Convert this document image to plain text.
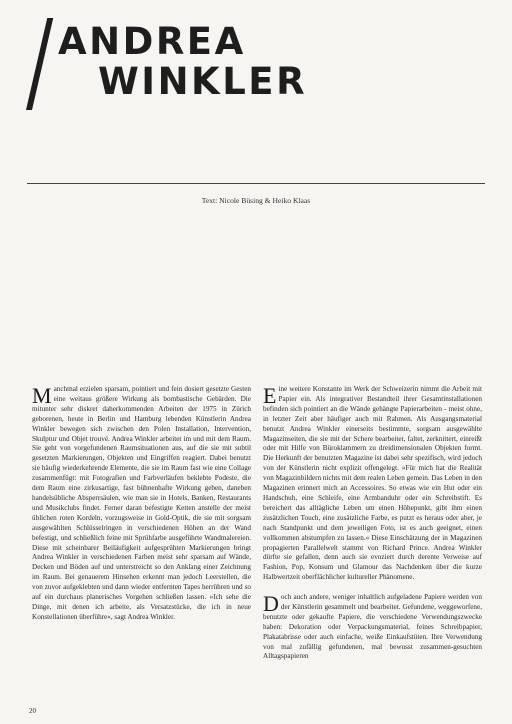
ANDREA
WINKLER
Text: Nicole Büsing & Heiko Klaas

Manchmal erzielen sparsam, pointiert und fein dosiert gesetzte Gesten eine weitaus größere Wirkung als bombastische Gebärden. Die mitunter sehr diskret daherkommenden Arbeiten der 1975 in Zürich geborenen, heute in Berlin und Hamburg lebenden Künstlerin Andrea Winkler bewegen sich zwischen den Polen Installation, Intervention, Skulptur und Objet trouvé. Andrea Winkler arbeitet im und mit dem Raum. Sie geht von vorgefundenen Raumsituationen aus, auf die sie mit subtil gesetzten Markierungen, Objekten und Eingriffen reagiert. Dabei benutzt sie häufig wiederkehrende Elemente, die sie im Raum fast wie eine Collage zusammenfügt: mit Fotografien und Farbverläufen beklebte Podeste, die dem Raum eine zirkusartige, fast bühnenhafte Wirkung geben, daneben handelsübliche Absperrsäulen, wie man sie in Hotels, Banken, Restaurants und Musikclubs findet. Ferner daran befestigte Ketten anstelle der meist üblichen roten Kordeln, vorzugsweise in Gold-Optik, die sie mit sorgsam ausgewählten Schlüsselringen in verschiedenen Höhen an der Wand befestigt, und schließlich feine mit Sprühfarbe ausgeführte Wandmalereien. Diese mit scheinbarer Beiläufigkeit aufgesprühten Markierungen bringt Andrea Winkler in verschiedenen Farben meist sehr sparsam auf Wände, Decken und Böden auf und unterstreicht so den Anklang einer Zeichnung im Raum. Bei genauerem Hinsehen erkennt man jedoch Leerstellen, die von zuvor aufgeklebten und dann wieder entfernten Tapes herrühren und so auf ein durchaus planerisches Vorgehen schließen lassen. »Ich sehe die Dinge, mit denen ich arbeite, als Versatzstücke, die ich in neue Konstellationen überführe«, sagt Andrea Winkler.

Eine weitere Konstante im Werk der Schweizerin nimmt die Arbeit mit Papier ein. Als integrativer Bestandteil ihrer Gesamtinstallationen befinden sich pointiert an die Wände gehängte Papierarbeiten - meist ohne, in letzter Zeit aber häufiger auch mit Rahmen. Als Ausgangsmaterial benutzt Andrea Winkler einerseits bestimmte, sorgsam ausgewählte Magazinseiten, die sie mit der Schere bearbeitet, faltet, zerknittert, einreißt oder mit Hilfe von Büroklammern zu dreidimensionalen Objekten formt. Die Herkunft der benutzten Magazine ist dabei sehr spezifisch, wird jedoch von der Künstlerin nicht explizit offengelegt. »Für mich hat die Realität von Magazinbildern nichts mit dem realen Leben gemein. Das Leben in den Magazinen erinnert mich an Accessoires. So etwas wie ein Hut oder ein Handschuh, eine Schleife, eine Armbanduhr oder ein Schreibstift. Es bereichert das alltägliche Leben um einen Höhepunkt, gibt ihm einen zusätzlichen Touch, eine zusätzliche Farbe, es putzt es heraus oder aber, je nach Standpunkt und dem jeweiligen Foto, ist es auch geeignet, einen vollkommen abstumpfen zu lassen.« Diese Einschätzung der in Magazinen propagierten Parallelwelt stammt von Richard Prince. Andrea Winkler dürfte sie gefallen, denn auch sie evoziert durch derente Verweise auf Fashion, Pop, Konsum und Glamour das Nachdenken über die kurze Halbwertzeit oberflächlicher kultureller Phänomene.

Doch auch andere, weniger inhaltlich aufgeladene Papiere werden von der Künstlerin gesammelt und bearbeitet. Gefundene, weggeworfene, benutzte oder gekaufte Papiere, die verschiedene Verwendungszwecke haben: Dekoration oder Verpackungsmaterial, feines Schreibpapier, Plakatabrisse oder auch einfache, weiße Einkaufstüten. Ihre Verwendung von mal zufällig gefundenen, mal bewusst zusammen-gesuchten Alltagspapieren

20
